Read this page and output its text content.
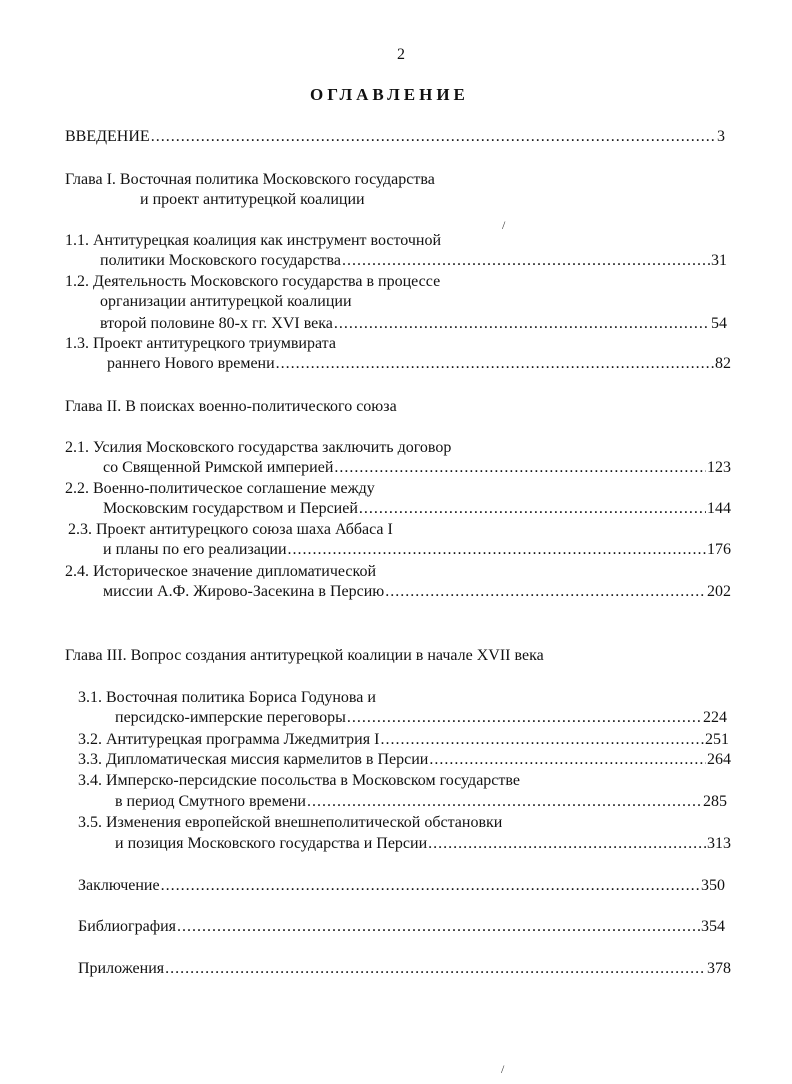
2
ОГЛАВЛЕНИЕ
ВВЕДЕНИЕ .....	3
Глава I. Восточная политика Московского государства
и проект антитурецкой коалиции
1.1. Антитурецкая коалиция как инструмент восточной
политики Московского государства .....	31
1.2. Деятельность Московского государства в процессе
организации антитурецкой коалиции
второй половине 80-х гг. XVI века .....	54
1.3. Проект антитурецкого триумвирата
раннего Нового времени .....	82
Глава II. В поисках военно-политического союза
2.1. Усилия Московского государства заключить договор
со Священной Римской империей .....	123
2.2. Военно-политическое соглашение между
Московским государством и Персией .....	144
2.3. Проект антитурецкого союза шаха Аббаса I
и планы по его реализации .....	176
2.4. Историческое значение дипломатической
миссии А.Ф. Жирово-Засекина в Персию .....	202
Глава III. Вопрос создания антитурецкой коалиции в начале XVII века
3.1. Восточная политика Бориса Годунова и
персидско-имперские переговоры .....	224
3.2. Антитурецкая программа Лжедмитрия I .....	251
3.3. Дипломатическая миссия кармелитов в Персии .....	264
3.4. Имперско-персидские посольства в Московском государстве
в период Смутного времени .....	285
3.5. Изменения европейской внешнеполитической обстановки
и позиция Московского государства и Персии .....	313
Заключение .....	350
Библиография .....	354
Приложения .....	378
/
/
